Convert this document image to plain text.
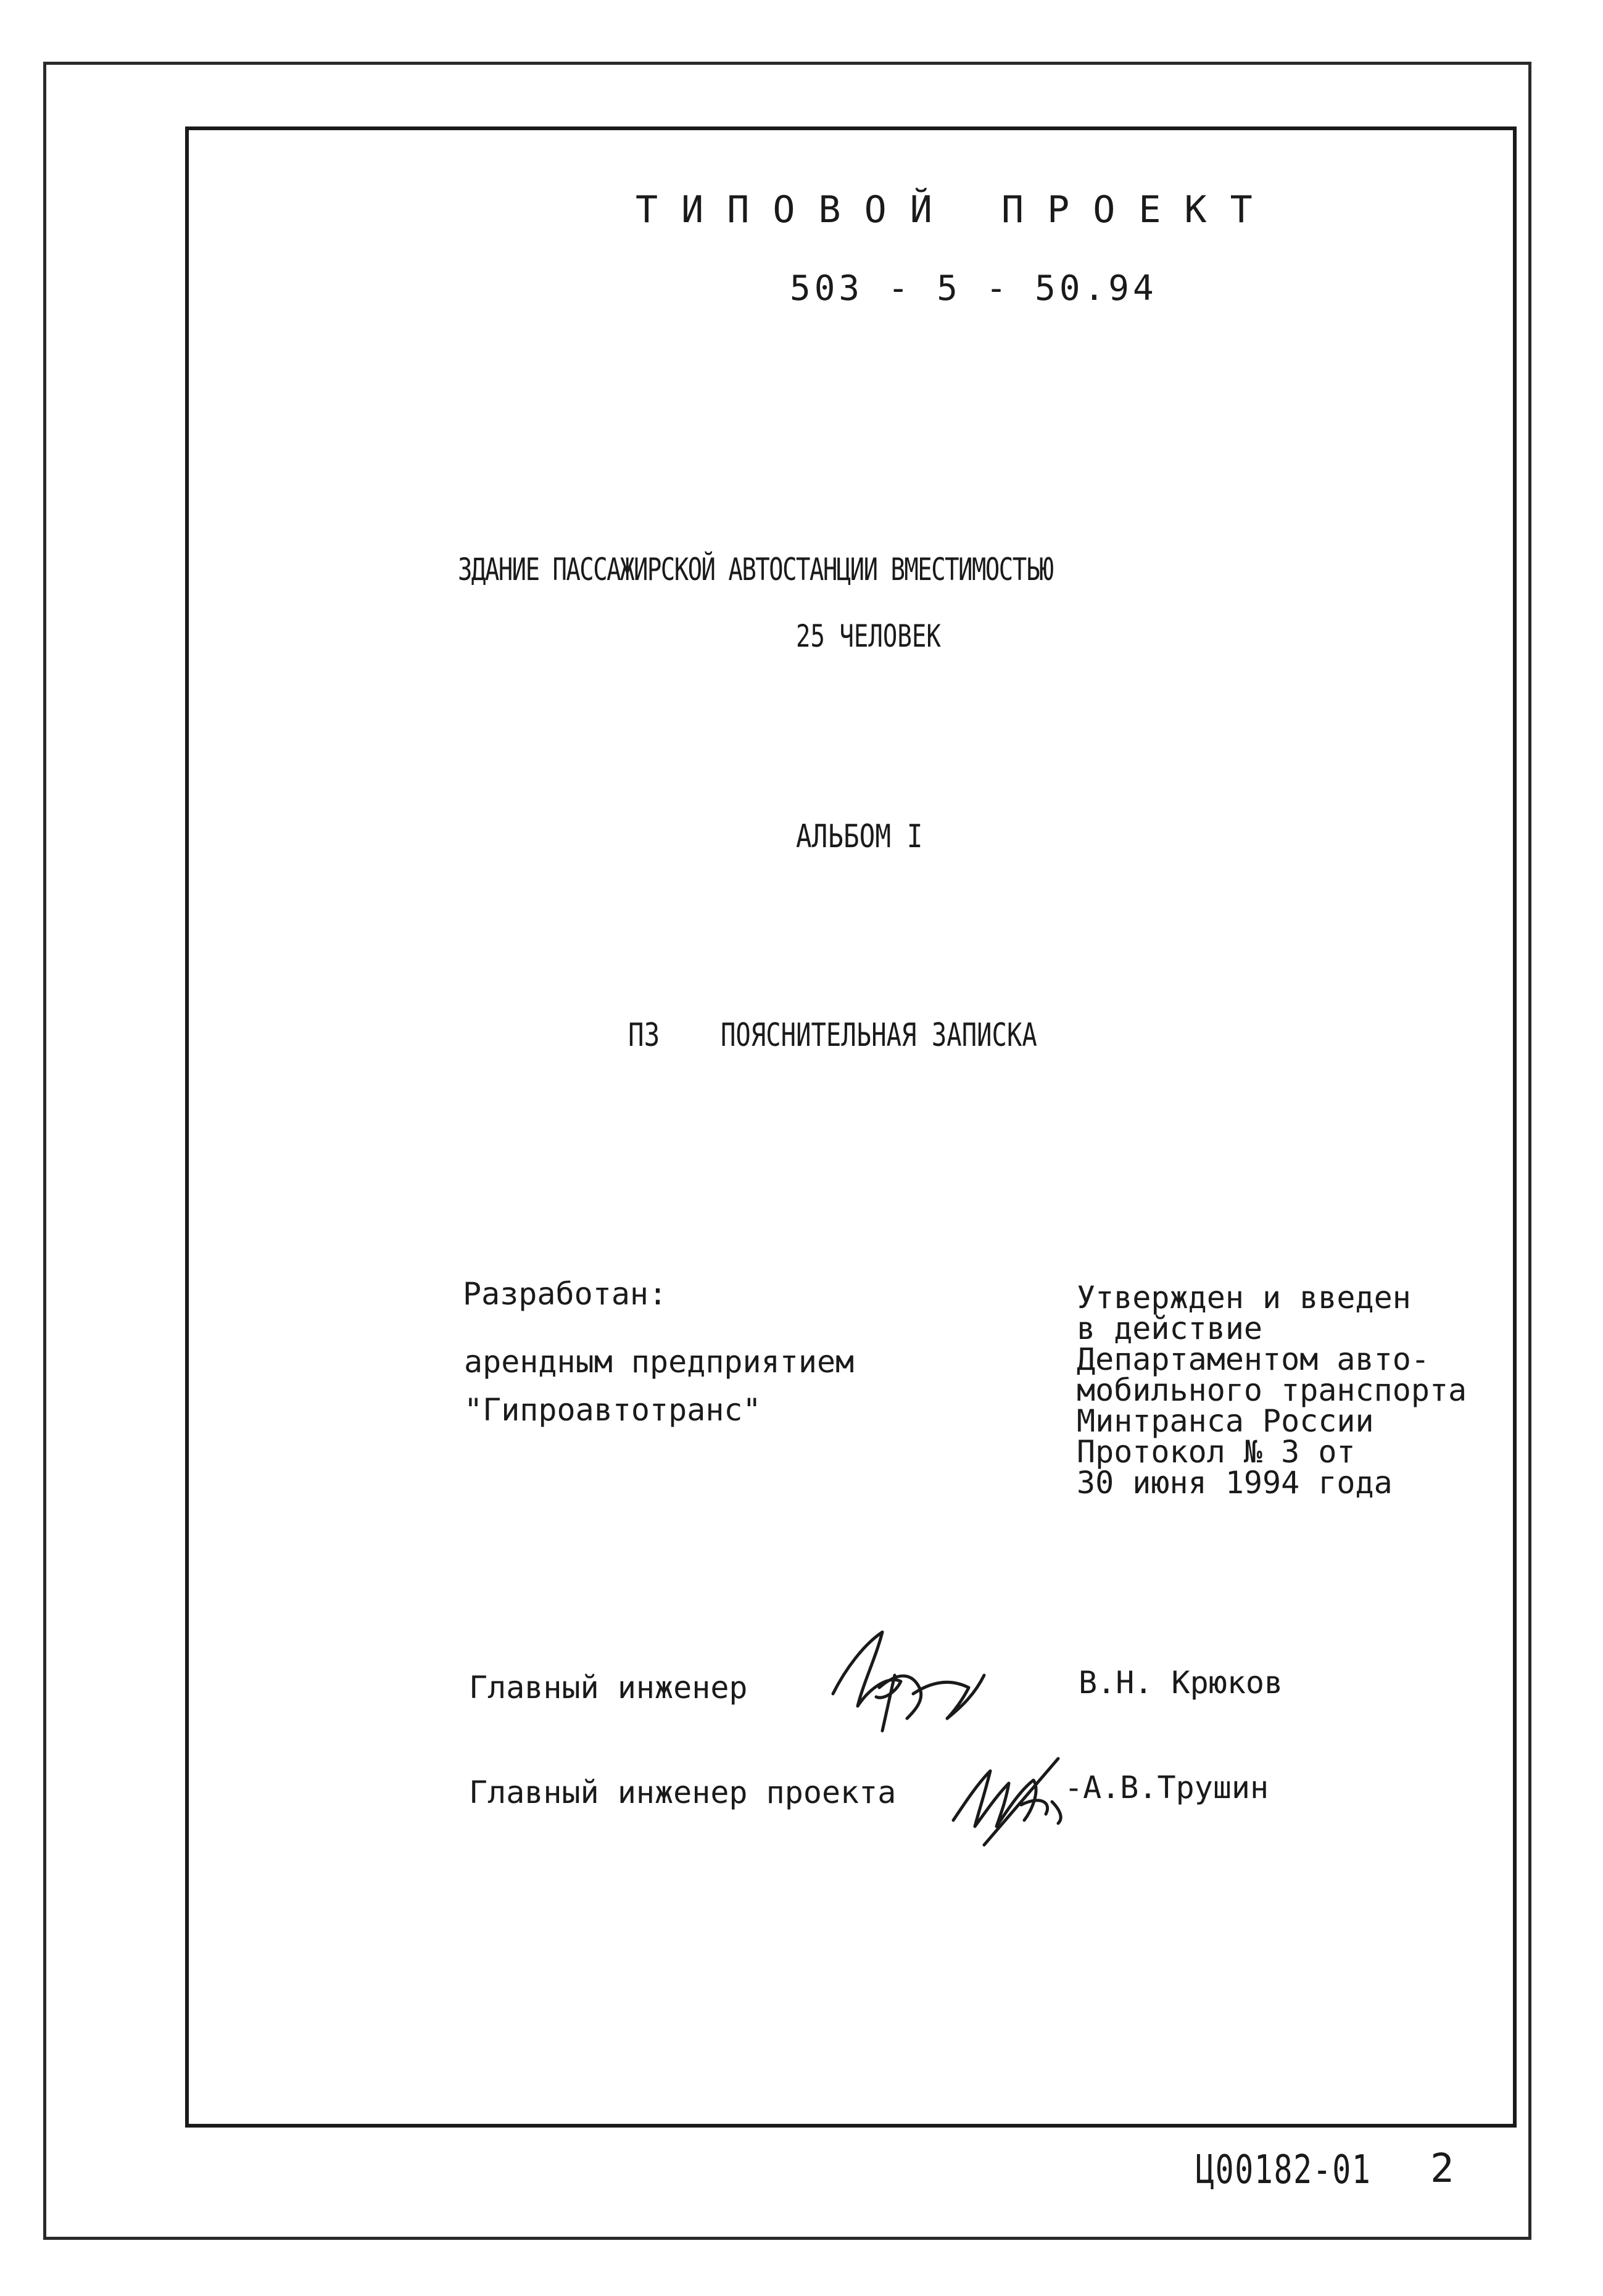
ТИПОВОЙ ПРОЕКТ
503 - 5 - 50.94
ЗДАНИЕ ПАССАЖИРСКОЙ АВТОСТАНЦИИ ВМЕСТИМОСТЬЮ
25 ЧЕЛОВЕК
АЛЬБОМ I
ПЗ ПОЯСНИТЕЛЬНАЯ ЗАПИСКА
Разработан:
арендным предприятием
"Гипроавтотранс"
Утвержден и введен
в действие
Департаментом авто-
мобильного транспорта
Минтранса России
Протокол № 3 от
30 июня 1994 года
Главный инженер	В.Н. Крюков
Главный инженер проекта	-А.В.Трушин
Ц00182-01 2
